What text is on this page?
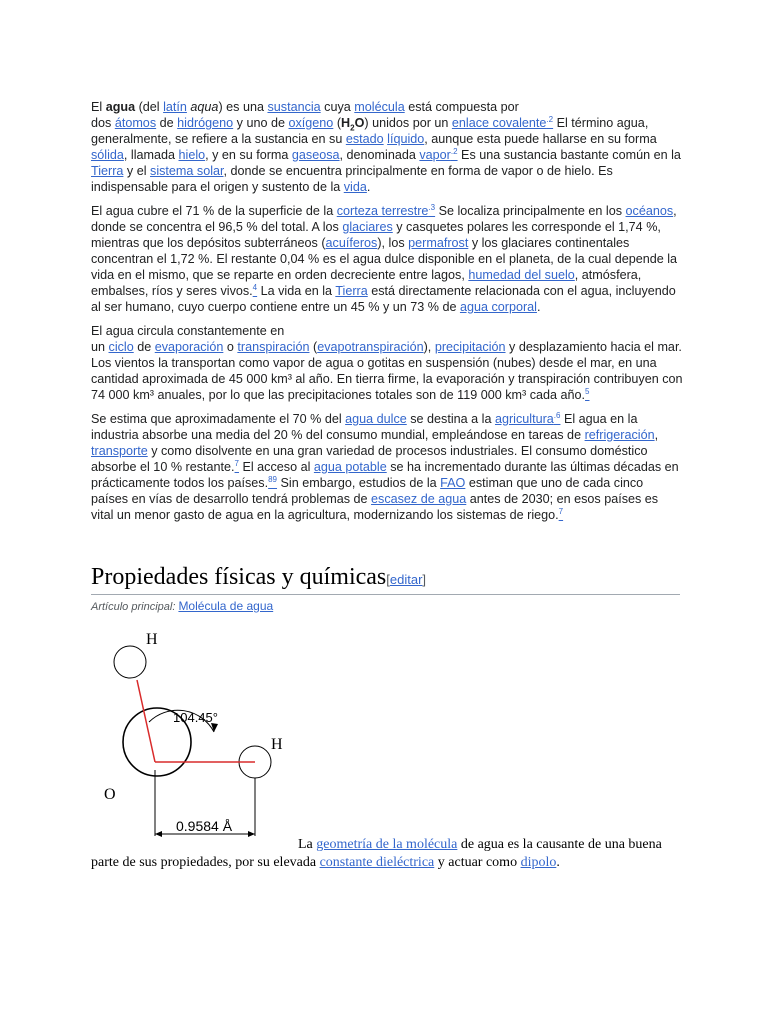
El agua (del latín aqua) es una sustancia cuya molécula está compuesta por
dos átomos de hidrógeno y uno de oxígeno $(H_2O)$ unidos por un enlace covalente$^{.2}$ El término agua, generalmente, se refiere a la sustancia en su estado líquido, aunque esta puede hallarse en su forma sólida, llamada hielo, y en su forma gaseosa, denominada vapor$^{.2}$ Es una sustancia bastante común en la Tierra y el sistema solar, donde se encuentra principalmente en forma de vapor o de hielo. Es indispensable para el origen y sustento de la vida.

El agua cubre el 71 % de la superficie de la corteza terrestre$^{.3}$ Se localiza principalmente en los océanos, donde se concentra el 96,5 % del total. A los glaciares y casquetes polares les corresponde el 1,74 %, mientras que los depósitos subterráneos (acuíferos), los permafrost y los glaciares continentales concentran el 1,72 %. El restante 0,04 % es el agua dulce disponible en el planeta, de la cual depende la vida en el mismo, que se reparte en orden decreciente entre lagos, humedad del suelo, atmósfera, embalses, ríos y seres vivos.$^4$ La vida en la Tierra está directamente relacionada con el agua, incluyendo al ser humano, cuyo cuerpo contiene entre un 45 % y un 73 % de agua corporal.

El agua circula constantemente en
un ciclo de evaporación o transpiración (evapotranspiración), precipitación y desplazamiento hacia el mar. Los vientos la transportan como vapor de agua o gotitas en suspensión (nubes) desde el mar, en una cantidad aproximada de 45 000 km³ al año. En tierra firme, la evaporación y transpiración contribuyen con 74 000 km³ anuales, por lo que las precipitaciones totales son de 119 000 km³ cada año.$^5$

Se estima que aproximadamente el 70 % del agua dulce se destina a la agricultura$^{.6}$ El agua en la industria absorbe una media del 20 % del consumo mundial, empleándose en tareas de refrigeración, transporte y como disolvente en una gran variedad de procesos industriales. El consumo doméstico absorbe el 10 % restante.$^7$ El acceso al agua potable se ha incrementado durante las últimas décadas en prácticamente todos los países.$^{89}$ Sin embargo, estudios de la FAO estiman que uno de cada cinco países en vías de desarrollo tendrá problemas de escasez de agua antes de 2030; en esos países es vital un menor gasto de agua en la agricultura, modernizando los sistemas de riego.$^7$

Propiedades físicas y químicas[editar]
Artículo principal: Molécula de agua
H
104.45°
H
O
0.9584 Å
La geometría de la molécula de agua es la causante de una buena parte de sus propiedades, por su elevada constante dieléctrica y actuar como dipolo.
